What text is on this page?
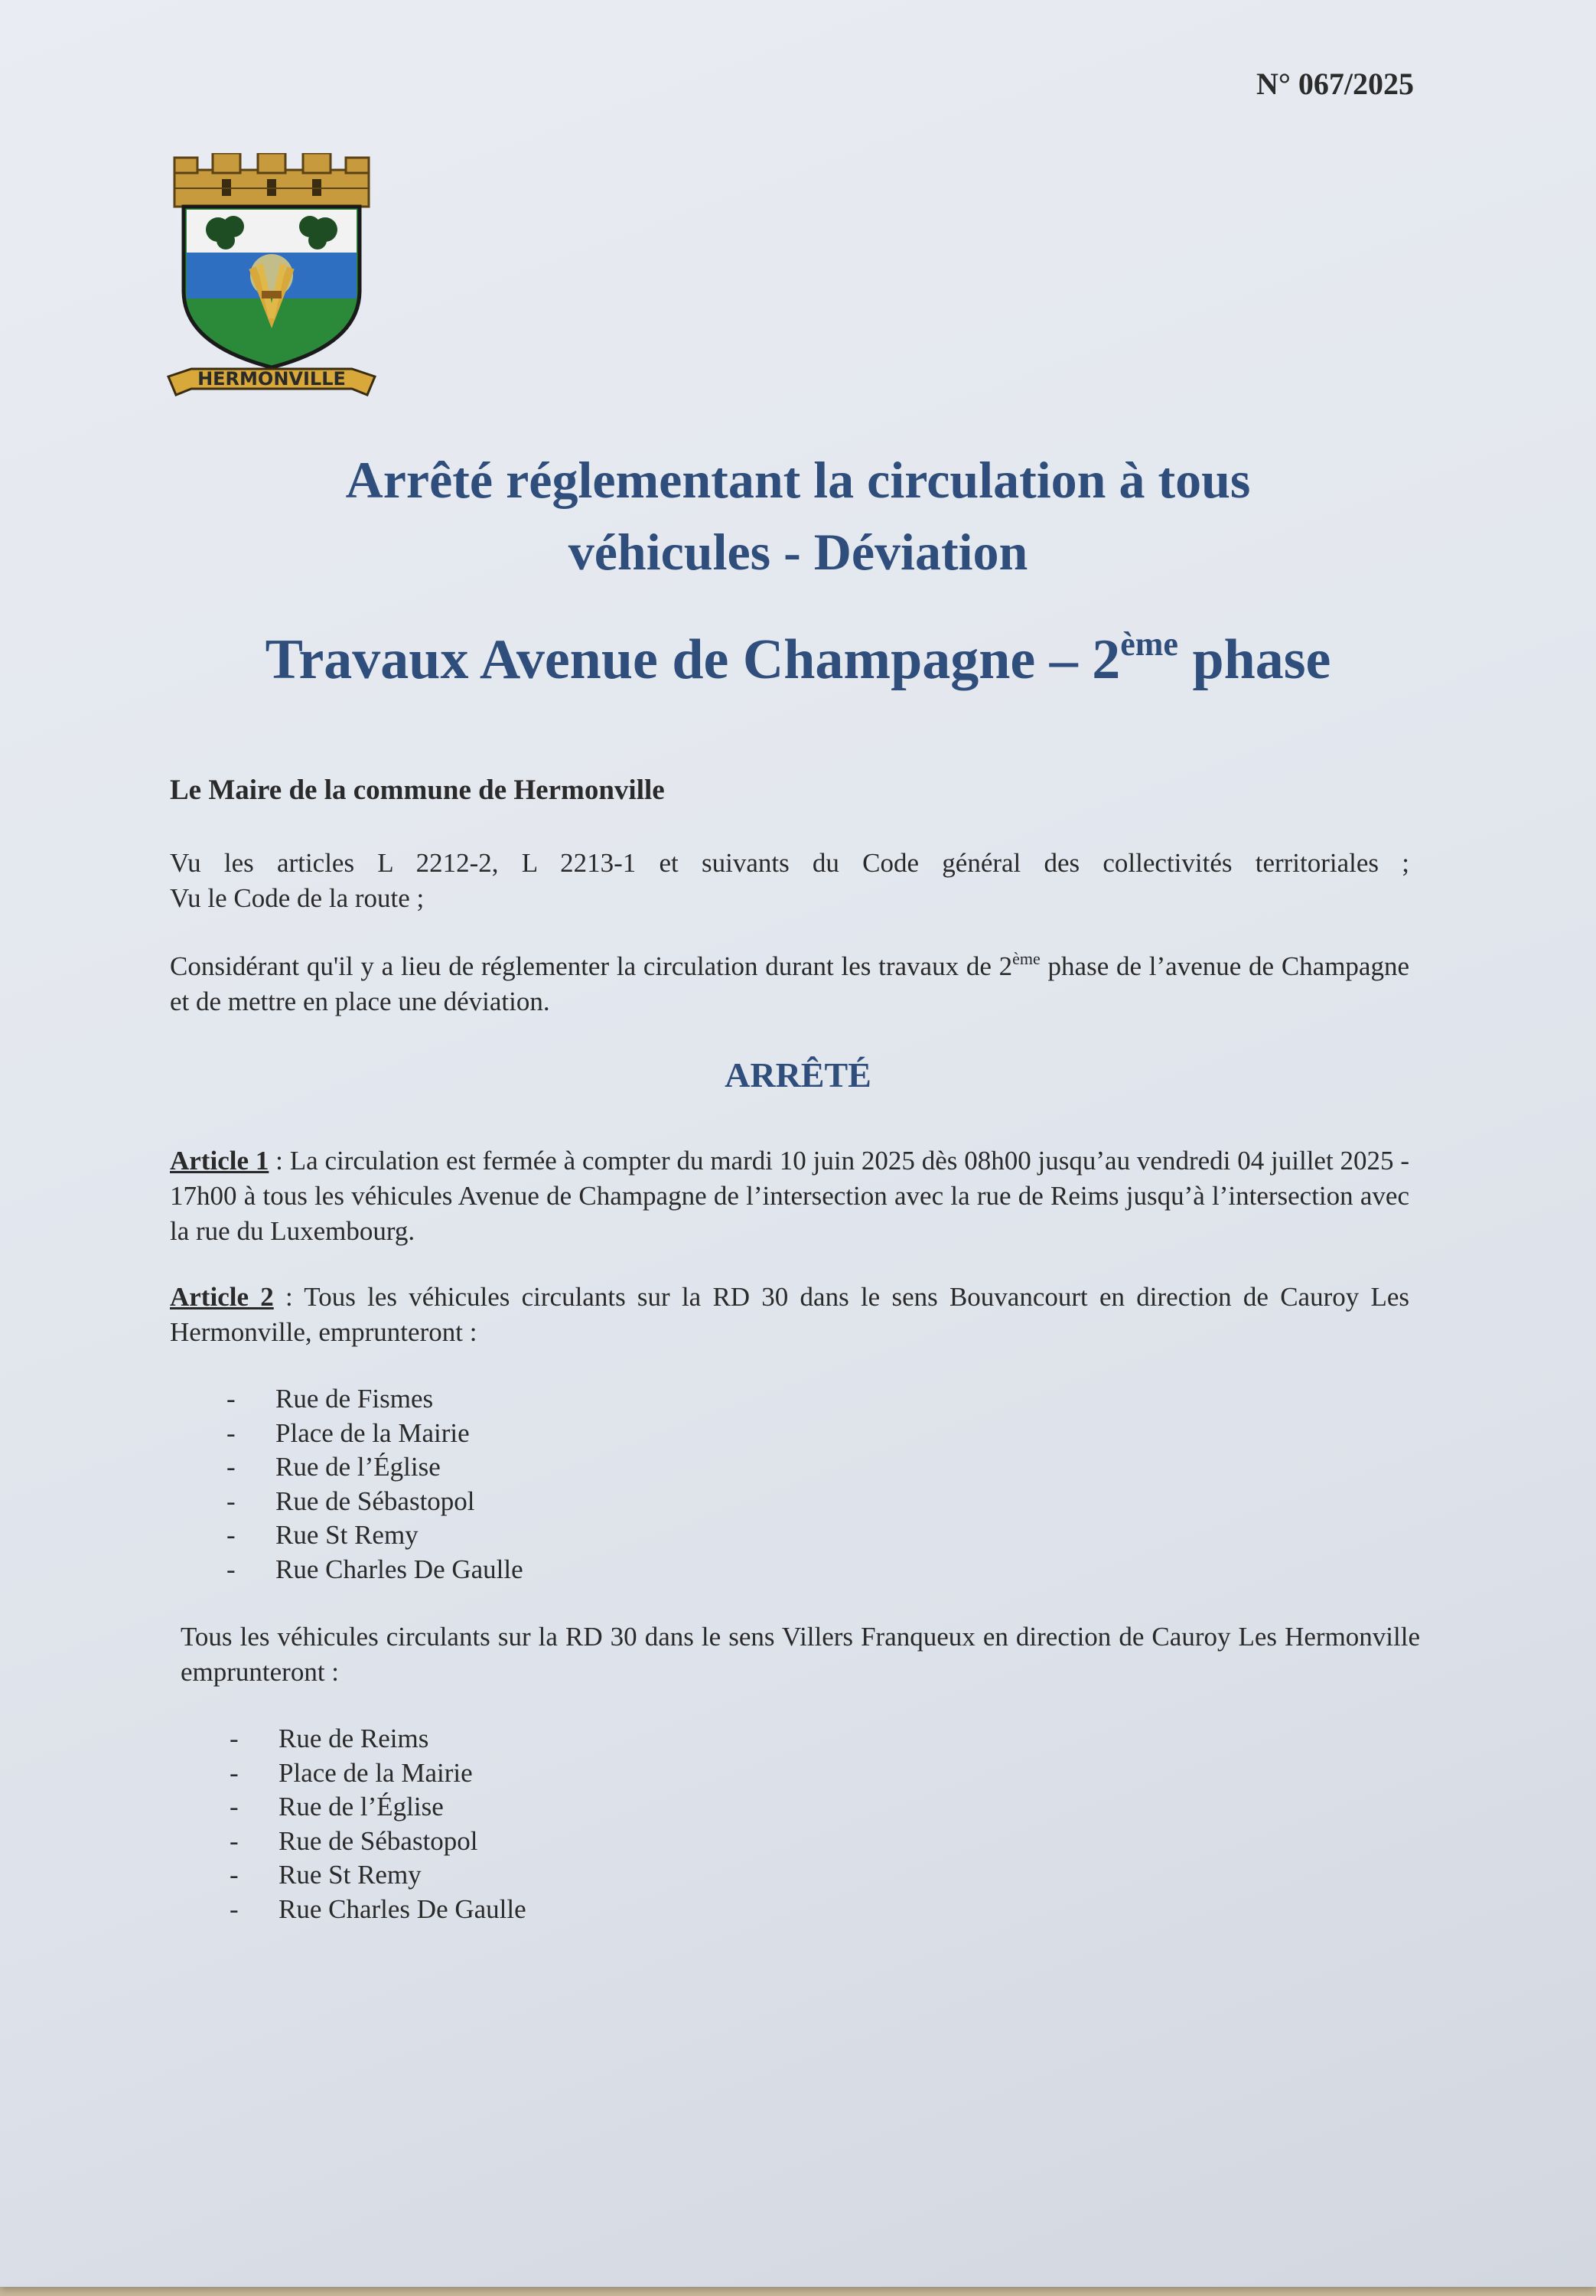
N° 067/2025
HERMONVILLE
Arrêté réglementant la circulation à tous
véhicules - Déviation
Travaux Avenue de Champagne – 2ème phase
Le Maire de la commune de Hermonville
Vu les articles L 2212-2, L 2213-1 et suivants du Code général des collectivités territoriales ;
Vu le Code de la route ;
Considérant qu'il y a lieu de réglementer la circulation durant les travaux de 2ème phase de l’avenue de Champagne et de mettre en place une déviation.
ARRÊTÉ
Article 1 : La circulation est fermée à compter du mardi 10 juin 2025 dès 08h00 jusqu’au vendredi 04 juillet 2025 - 17h00 à tous les véhicules Avenue de Champagne de l’intersection avec la rue de Reims jusqu’à l’intersection avec la rue du Luxembourg.
Article 2 : Tous les véhicules circulants sur la RD 30 dans le sens Bouvancourt en direction de Cauroy Les Hermonville, emprunteront :
- Rue de Fismes
- Place de la Mairie
- Rue de l’Église
- Rue de Sébastopol
- Rue St Remy
- Rue Charles De Gaulle
Tous les véhicules circulants sur la RD 30 dans le sens Villers Franqueux en direction de Cauroy Les Hermonville emprunteront :
- Rue de Reims
- Place de la Mairie
- Rue de l’Église
- Rue de Sébastopol
- Rue St Remy
- Rue Charles De Gaulle
